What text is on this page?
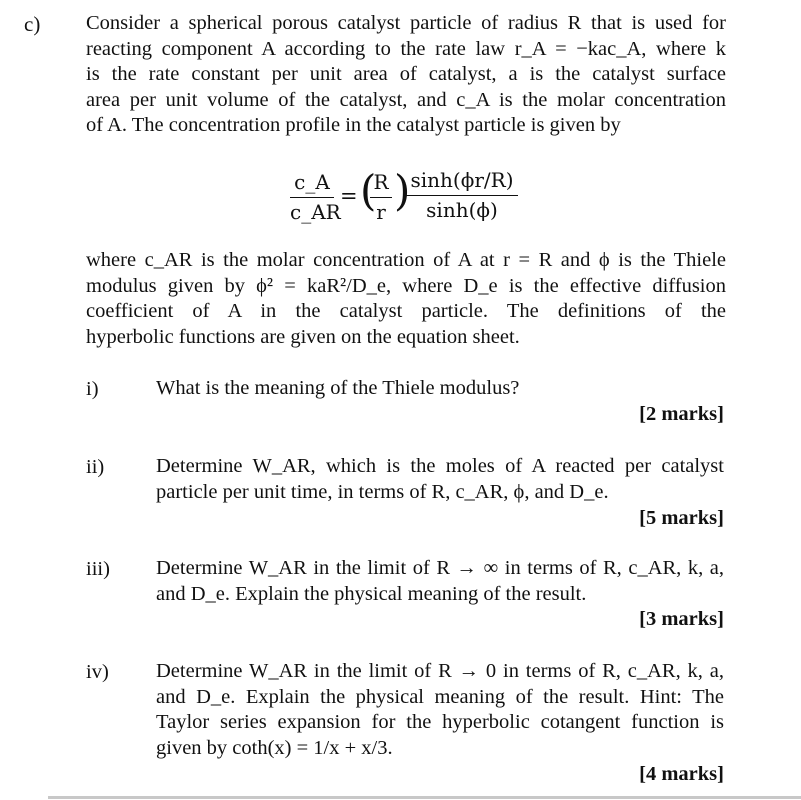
c) Consider a spherical porous catalyst particle of radius R that is used for
reacting component A according to the rate law r_A = −kac_A, where k
is the rate constant per unit area of catalyst, a is the catalyst surface
area per unit volume of the catalyst, and c_A is the molar concentration
of A. The concentration profile in the catalyst particle is given by
$\frac{c\_A}{c\_AR}$ = (
$\frac{R}{r}$ )
$\frac{\sinh(\phi r/R)}{\sinh(\phi)}$
where c_AR is the molar concentration of A at r = R and ϕ is the Thiele
modulus given by ϕ² = kaR²/D_e, where D_e is the effective diffusion
coefficient of A in the catalyst particle. The definitions of the
hyperbolic functions are given on the equation sheet.
i)	What is the meaning of the Thiele modulus?
[2 marks]
ii)	Determine W_AR, which is the moles of A reacted per catalyst
particle per unit time, in terms of R, c_AR, ϕ, and D_e.
[5 marks]
iii) Determine W_AR in the limit of R → ∞ in terms of R, c_AR, k, a,
and D_e. Explain the physical meaning of the result.
[3 marks]
iv) Determine W_AR in the limit of R → 0 in terms of R, c_AR, k, a,
and D_e. Explain the physical meaning of the result. Hint: The
Taylor series expansion for the hyperbolic cotangent function is
given by coth(x) = 1/x + x/3.
[4 marks]
